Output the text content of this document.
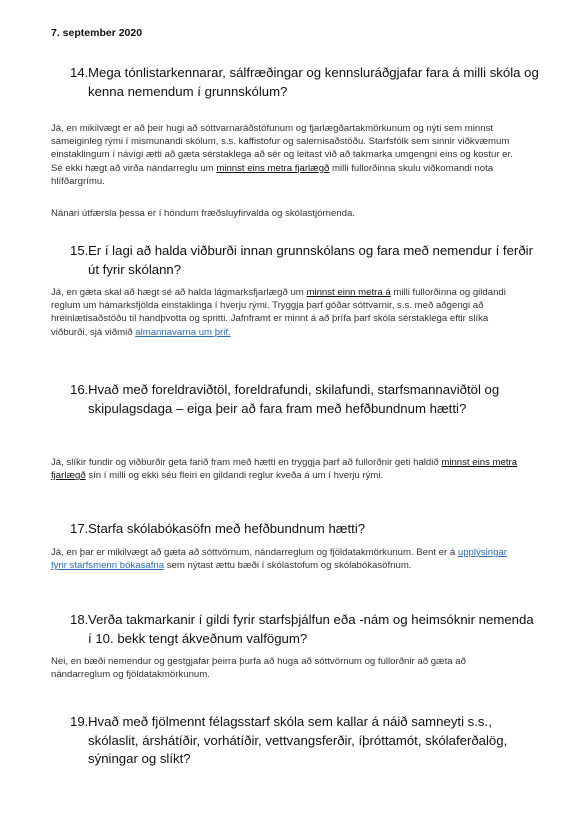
7. september 2020
14. Mega tónlistarkennarar, sálfræðingar og kennsluráðgjafar fara á milli skóla og kenna nemendum í grunnskólum?
Já, en mikilvægt er að þeir hugi að sóttvarnaráðstöfunum og fjarlægðartakmörkunum og nýti sem minnst sameiginleg rými í mismunandi skólum, s.s. kaffistofur og salernisaðstöðu. Starfsfólk sem sinnir viðkvæmum einstaklingum í návígi ætti að gæta sérstaklega að sér og leitast við að takmarka umgengni eins og kostur er. Sé ekki hægt að virða nándarreglu um minnst eins metra fjarlægð milli fullorðinna skulu viðkomandi nota hlífðargrímu.
Nánari útfærsla þessa er í höndum fræðsluyfirvalda og skólastjórnenda.
15. Er í lagi að halda viðburði innan grunnskólans og fara með nemendur í ferðir út fyrir skólann?
Já, en gæta skal að hægt sé að halda lágmarksfjarlægð um minnst einn metra á milli fullorðinna og gildandi reglum um hámarksfjölda einstaklinga í hverju rými. Tryggja þarf góðar sóttvarnir, s.s. með aðgengi að hreinlætisaðstöðu til handþvotta og spritti. Jafnframt er minnt á að þrífa þarf skóla sérstaklega eftir slíka viðburði, sjá viðmið almannavarna um þrif.
16. Hvað með foreldraviðtöl, foreldrafundi, skilafundi, starfsmannaviðtöl og skipulagsdaga – eiga þeir að fara fram með hefðbundnum hætti?
Já, slíkir fundir og viðburðir geta farið fram með hætti en tryggja þarf að fullorðnir geti haldið minnst eins metra fjarlægð sín í milli og ekki séu fleiri en gildandi reglur kveða á um í hverju rými.
17. Starfa skólabókasöfn með hefðbundnum hætti?
Já, en þar er mikilvægt að gæta að sóttvörnum, nándarreglum og fjöldatakmörkunum. Bent er á upplýsingar fyrir starfsmenn bókasafna sem nýtast ættu bæði í skólastofum og skólabókasöfnum.
18. Verða takmarkanir í gildi fyrir starfsþjálfun eða -nám og heimsóknir nemenda í 10. bekk tengt ákveðnum valfögum?
Nei, en bæði nemendur og gestgjafar þeirra þurfa að huga að sóttvörnum og fullorðnir að gæta að nándarreglum og fjöldatakmörkunum.
19. Hvað með fjölmennt félagsstarf skóla sem kallar á náið samneyti s.s., skólaslit, árshátíðir, vorhátíðir, vettvangsferðir, íþróttamót, skólaferðalög, sýningar og slíkt?
